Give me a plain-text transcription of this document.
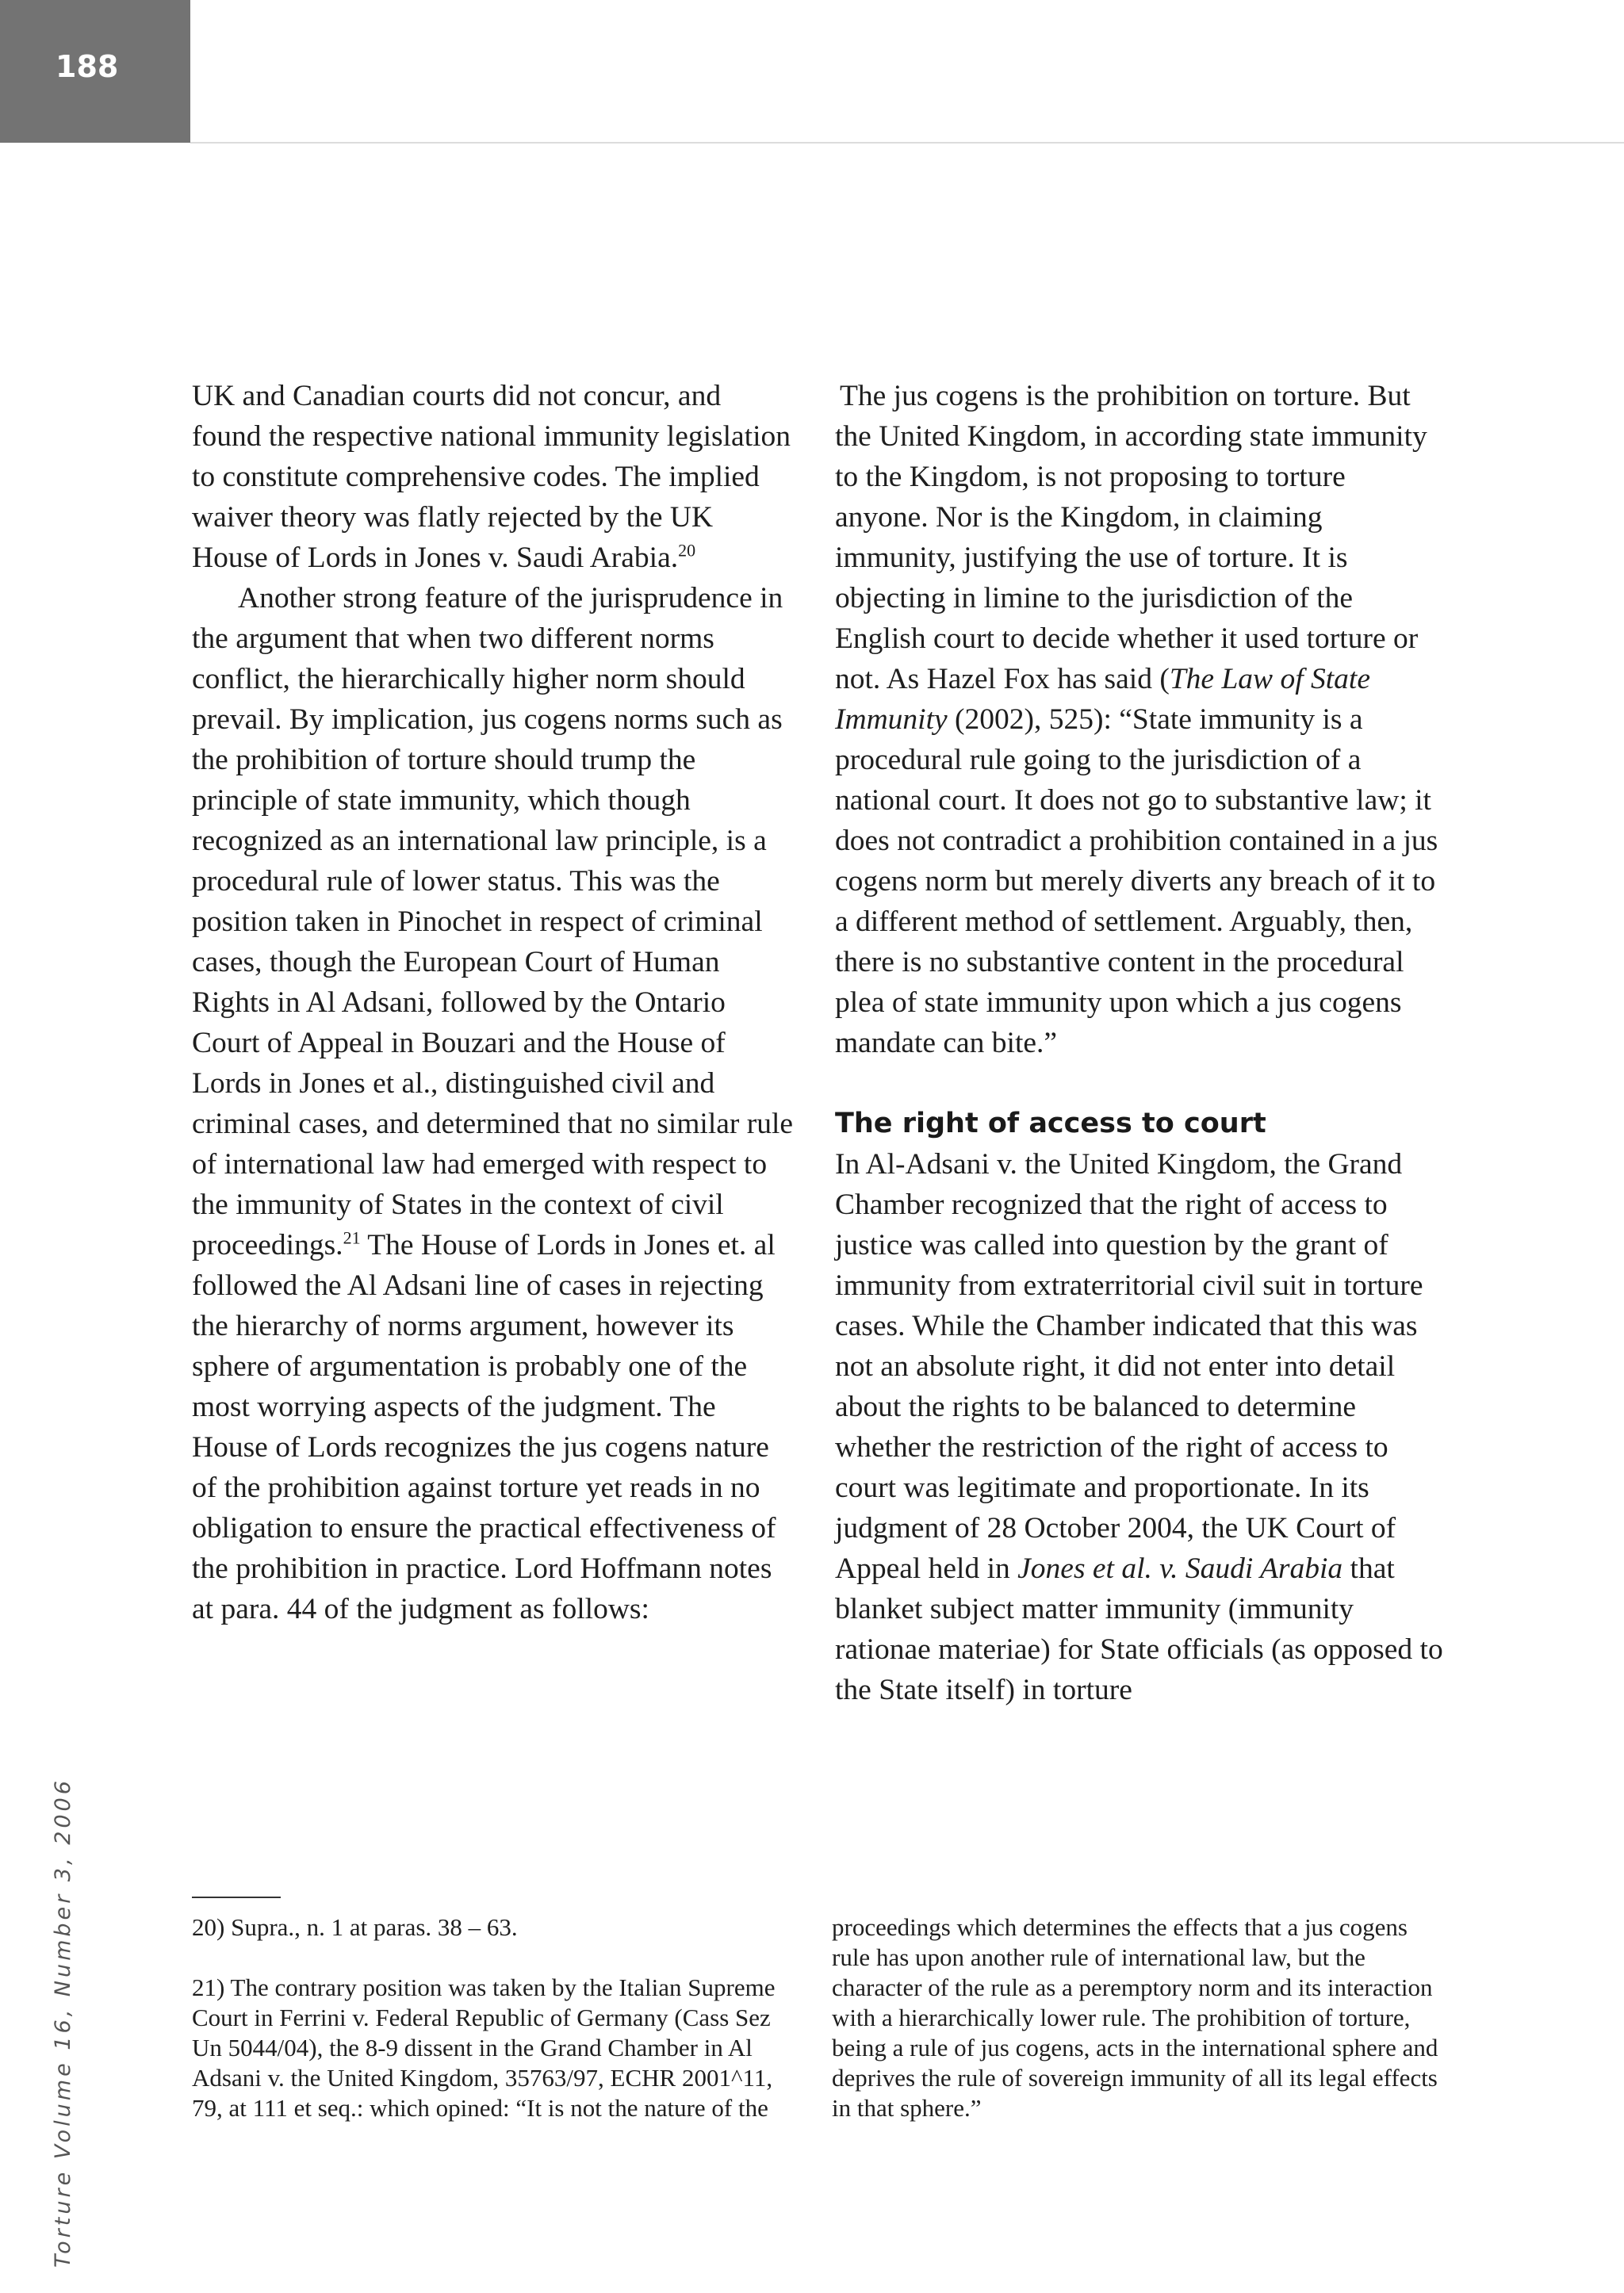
188

UK and Canadian courts did not concur, and found the respective national immunity legislation to constitute comprehensive codes. The implied waiver theory was flatly rejected by the UK House of Lords in Jones v. Saudi Arabia.$^{20}$

Another strong feature of the jurisprudence in the argument that when two different norms conflict, the hierarchically higher norm should prevail. By implication, jus cogens norms such as the prohibition of torture should trump the principle of state immunity, which though recognized as an international law principle, is a procedural rule of lower status. This was the position taken in Pinochet in respect of criminal cases, though the European Court of Human Rights in Al Adsani, followed by the Ontario Court of Appeal in Bouzari and the House of Lords in Jones et al., distinguished civil and criminal cases, and determined that no similar rule of international law had emerged with respect to the immunity of States in the context of civil proceedings.$^{21}$ The House of Lords in Jones et. al followed the Al Adsani line of cases in rejecting the hierarchy of norms argument, however its sphere of argumentation is probably one of the most worrying aspects of the judgment. The House of Lords recognizes the jus cogens nature of the prohibition against torture yet reads in no obligation to ensure the practical effectiveness of the prohibition in practice. Lord Hoffmann notes at para. 44 of the judgment as follows:

The jus cogens is the prohibition on torture. But the United Kingdom, in according state immunity to the Kingdom, is not proposing to torture anyone. Nor is the Kingdom, in claiming immunity, justifying the use of torture. It is objecting in limine to the jurisdiction of the English court to decide whether it used torture or not. As Hazel Fox has said (The Law of State Immunity (2002), 525): “State immunity is a procedural rule going to the jurisdiction of a national court. It does not go to substantive law; it does not contradict a prohibition contained in a jus cogens norm but merely diverts any breach of it to a different method of settlement. Arguably, then, there is no substantive content in the procedural plea of state immunity upon which a jus cogens mandate can bite.”

The right of access to court

In Al-Adsani v. the United Kingdom, the Grand Chamber recognized that the right of access to justice was called into question by the grant of immunity from extraterritorial civil suit in torture cases. While the Chamber indicated that this was not an absolute right, it did not enter into detail about the rights to be balanced to determine whether the restriction of the right of access to court was legitimate and proportionate. In its judgment of 28 October 2004, the UK Court of Appeal held in Jones et al. v. Saudi Arabia that blanket subject matter immunity (immunity rationae materiae) for State officials (as opposed to the State itself) in torture

20) Supra., n. 1 at paras. 38 – 63.

21) The contrary position was taken by the Italian Supreme Court in Ferrini v. Federal Republic of Germany (Cass Sez Un 5044/04), the 8-9 dissent in the Grand Chamber in Al Adsani v. the United Kingdom, 35763/97, ECHR 2001^11, 79, at 111 et seq.: which opined: “It is not the nature of the

proceedings which determines the effects that a jus cogens rule has upon another rule of international law, but the character of the rule as a peremptory norm and its interaction with a hierarchically lower rule. The prohibition of torture, being a rule of jus cogens, acts in the international sphere and deprives the rule of sovereign immunity of all its legal effects in that sphere.”

Torture Volume 16, Number 3, 2006
